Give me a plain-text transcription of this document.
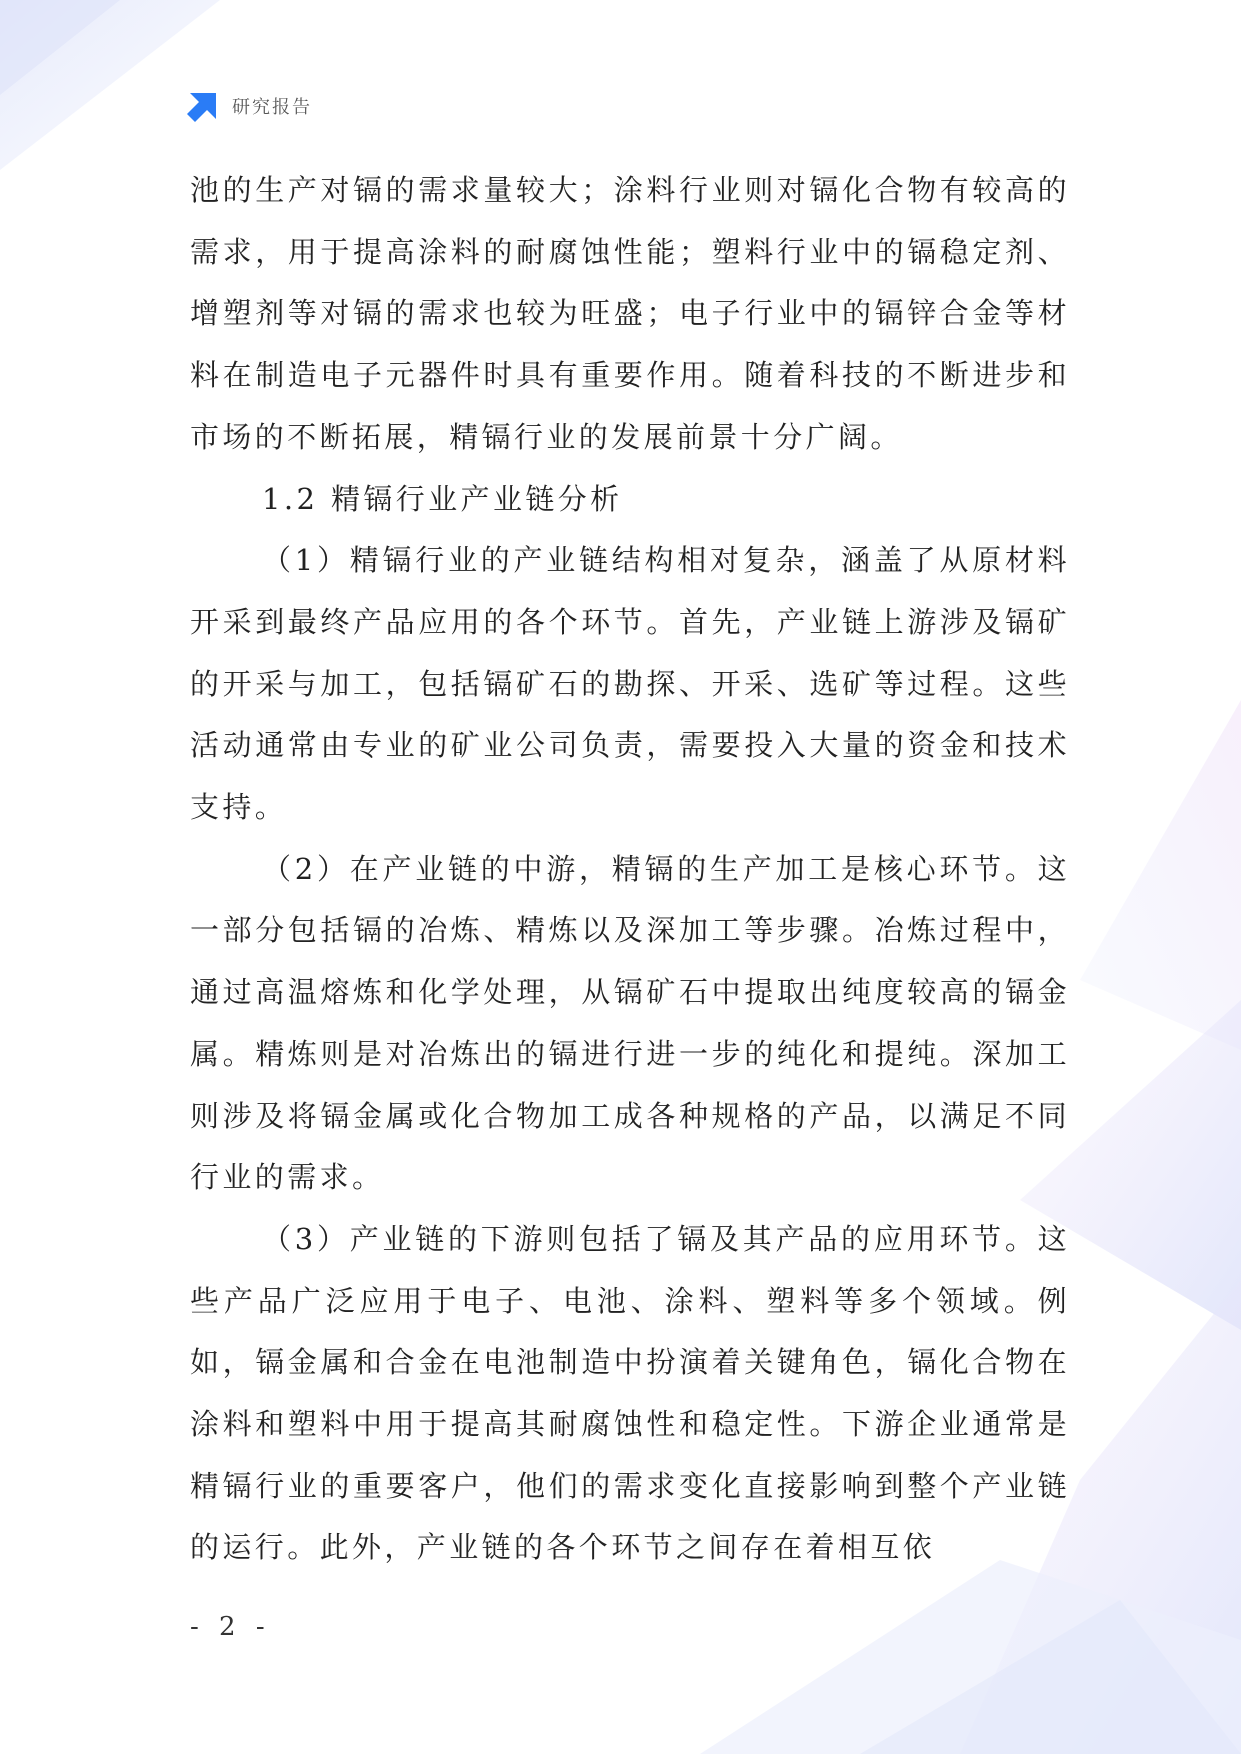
研究报告

池的生产对镉的需求量较大；涂料行业则对镉化合物有较高的需求，用于提高涂料的耐腐蚀性能；塑料行业中的镉稳定剂、增塑剂等对镉的需求也较为旺盛；电子行业中的镉锌合金等材料在制造电子元器件时具有重要作用。随着科技的不断进步和市场的不断拓展，精镉行业的发展前景十分广阔。

1.2 精镉行业产业链分析

（1）精镉行业的产业链结构相对复杂，涵盖了从原材料开采到最终产品应用的各个环节。首先，产业链上游涉及镉矿的开采与加工，包括镉矿石的勘探、开采、选矿等过程。这些活动通常由专业的矿业公司负责，需要投入大量的资金和技术支持。

（2）在产业链的中游，精镉的生产加工是核心环节。这一部分包括镉的冶炼、精炼以及深加工等步骤。冶炼过程中，通过高温熔炼和化学处理，从镉矿石中提取出纯度较高的镉金属。精炼则是对冶炼出的镉进行进一步的纯化和提纯。深加工则涉及将镉金属或化合物加工成各种规格的产品，以满足不同行业的需求。

（3）产业链的下游则包括了镉及其产品的应用环节。这些产品广泛应用于电子、电池、涂料、塑料等多个领域。例如，镉金属和合金在电池制造中扮演着关键角色，镉化合物在涂料和塑料中用于提高其耐腐蚀性和稳定性。下游企业通常是精镉行业的重要客户，他们的需求变化直接影响到整个产业链的运行。此外，产业链的各个环节之间存在着相互依

- 2 -
